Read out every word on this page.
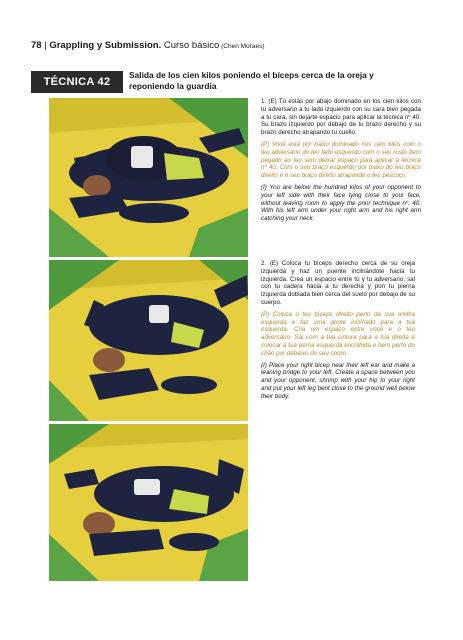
78 | Grappling y Submission. Curso básico (Chen Moraes)
TÉCNICA 42
Salida de los cien kilos poniendo el bíceps cerca de la oreja y reponiendo la guardia

1. (E) Tú estás por abajo dominado en los cien kilos con tu adversario a tu lado izquierdo con su cara bien pegada a tu cara, sin dejarte espacio para aplicar la técnica nº 40. Su brazo izquierdo por debajo de tu brazo derecho y su brazo derecho atrapando tu cuello.

(P) Você está por baixo dominado nos cem kilos com o teu adversário do teu lado esquerdo com o seu rosto bem pegado ao teu sem deixar espaço para aplicar a técnica nº 40. Com o seu braço esquerdo por baixo do teu braço direito e o seu braço direito atrapando o teu pescoço.

(I) You are below the hundred kilos of your opponent to your left side with their face lying close to your face, without leaving room to apply the prior technique nº. 40. With his left arm under your right arm and his right arm catching your neck.

2. (E) Coloca tu bíceps derecho cerca de su oreja izquierda y haz un puente inclinándote hacia tu izquierda. Crea un espacio entre tú y tu adversario, sal con tu cadera hacia a tu derecha y pon tu pierna izquierda doblada bien cerca del suelo por debajo de su cuerpo.

(P) Coloca o teu bíceps direito perto da sua orelha esquerda e faz uma ponte inclinado para a tua esquerda. Cria um espaço entre você e o teu adversário. Sai com a tua cintura para a tua direita e colocar a tua perna esquerda encolhida e bem perto do chão por debaixo do seu corpo.

(I) Place your right bicep near their left ear and make a leaning bridge to your left. Create a space between you and your opponent, shrimp with your hip to your right and put your left leg bent close to the ground well below their body.
